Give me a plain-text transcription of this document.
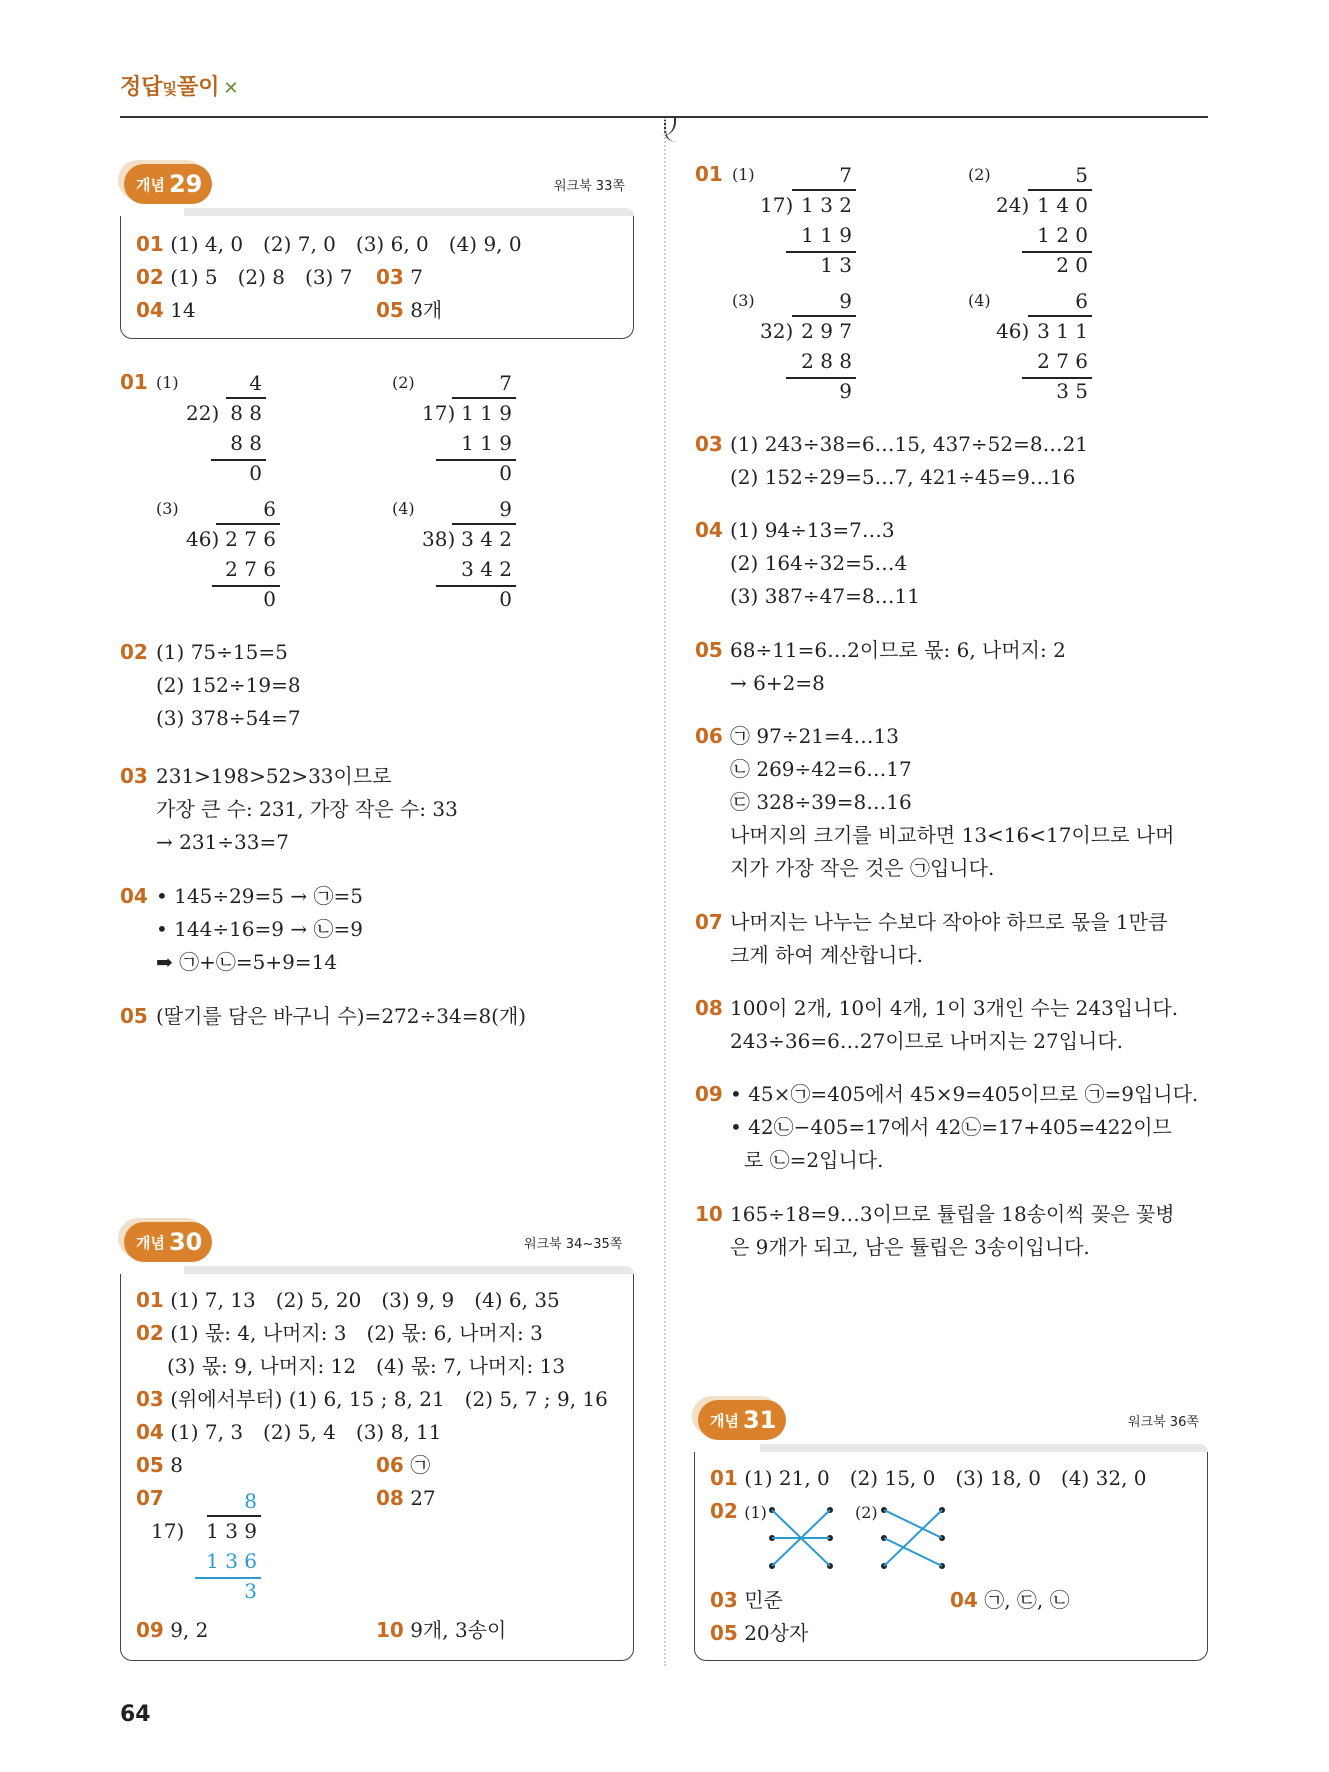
정답및풀이 ✕
개념 29	워크북 33쪽
01 (1) 4, 0　(2) 7, 0　(3) 6, 0　(4) 9, 0
02 (1) 5　(2) 8　(3) 7 03 7
04 14	05 8개
01 (1)	4
22) 8 8
8 8
0
(2)	7
17) 1 1 9
1 1 9
0
(3)	6
46) 2 7 6
2 7 6
0
(4)	9
38) 3 4 2
3 4 2
0
02 (1) 75÷15=5
(2) 152÷19=8
(3) 378÷54=7
03 231>198>52>33이므로
가장 큰 수: 231, 가장 작은 수: 33
→ 231÷33=7
04 • 145÷29=5 → ㉠=5
• 144÷16=9 → ㉡=9
➡ ㉠+㉡=5+9=14
05 (딸기를 담은 바구니 수)=272÷34=8(개)
개념 30	워크북 34~35쪽
01 (1) 7, 13　(2) 5, 20　(3) 9, 9　(4) 6, 35
02 (1) 몫: 4, 나머지: 3　(2) 몫: 6, 나머지: 3
(3) 몫: 9, 나머지: 12　(4) 몫: 7, 나머지: 13
03 (위에서부터) (1) 6, 15 ; 8, 21　(2) 5, 7 ; 9, 16
04 (1) 7, 3　(2) 5, 4　(3) 8, 11
05 8	06 ㉠
07	8
17) 1 3 9
1 3 6
3
08 27
09 9, 2	10 9개, 3송이
01 (1)	7
17) 1 3 2
1 1 9
1 3
(2)	5
24) 1 4 0
1 2 0
2 0
(3)	9
32) 2 9 7
2 8 8
9
(4)	6
46) 3 1 1
2 7 6
3 5
03 (1) 243÷38=6…15, 437÷52=8…21
(2) 152÷29=5…7, 421÷45=9…16
04 (1) 94÷13=7…3
(2) 164÷32=5…4
(3) 387÷47=8…11
05 68÷11=6…2이므로 몫: 6, 나머지: 2
→ 6+2=8
06 ㉠ 97÷21=4…13
㉡ 269÷42=6…17
㉢ 328÷39=8…16
나머지의 크기를 비교하면 13<16<17이므로 나머
지가 가장 작은 것은 ㉠입니다.
07 나머지는 나누는 수보다 작아야 하므로 몫을 1만큼
크게 하여 계산합니다.
08 100이 2개, 10이 4개, 1이 3개인 수는 243입니다.
243÷36=6…27이므로 나머지는 27입니다.
09 • 45×㉠=405에서 45×9=405이므로 ㉠=9입니다.
• 42㉡−405=17에서 42㉡=17+405=422이므
로 ㉡=2입니다.
10 165÷18=9…3이므로 튤립을 18송이씩 꽂은 꽃병
은 9개가 되고, 남은 튤립은 3송이입니다.
개념 31	워크북 36쪽
01 (1) 21, 0　(2) 15, 0　(3) 18, 0　(4) 32, 0
02 (1)	(2)
03 민준	04 ㉠, ㉢, ㉡
05 20상자
64
